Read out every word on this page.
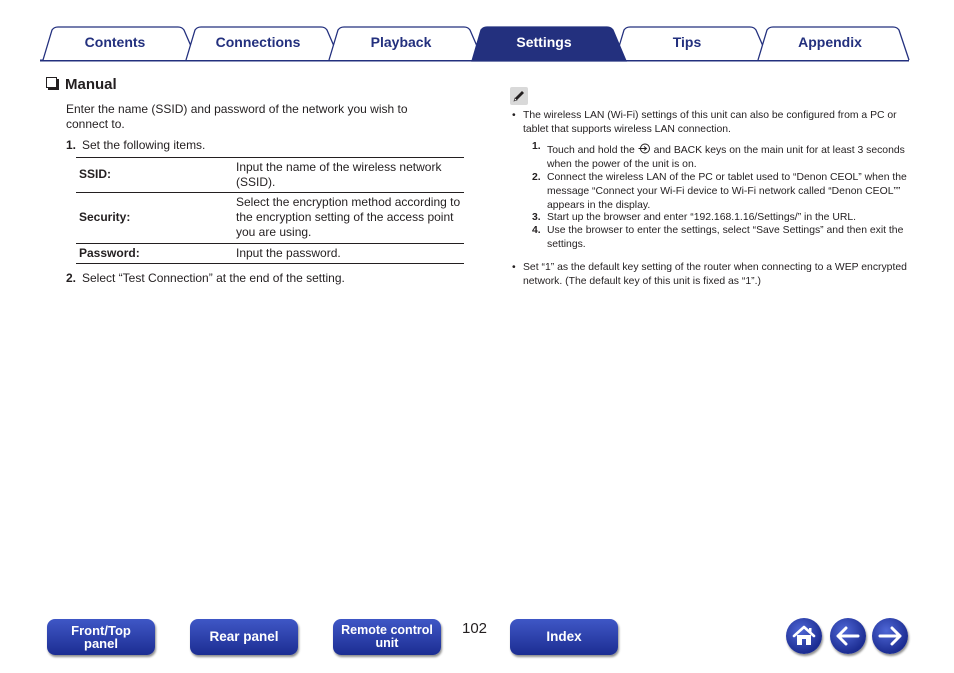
Contents	Connections	Playback	Settings	Tips	Appendix
Manual
Enter the name (SSID) and password of the network you wish to connect to.
1. Set the following items.
SSID:	Input the name of the wireless network (SSID).
Security:	Select the encryption method according to the encryption setting of the access point you are using.
Password:	Input the password.
2. Select “Test Connection” at the end of the setting.
• The wireless LAN (Wi-Fi) settings of this unit can also be configured from a PC or tablet that supports wireless LAN connection.
1. Touch and hold the and BACK keys on the main unit for at least 3 seconds when the power of the unit is on.
2. Connect the wireless LAN of the PC or tablet used to “Denon CEOL” when the message “Connect your Wi-Fi device to Wi-Fi network called “Denon CEOL”” appears in the display.
3. Start up the browser and enter “192.168.1.16/Settings/” in the URL.
4. Use the browser to enter the settings, select “Save Settings” and then exit the settings.
• Set “1” as the default key setting of the router when connecting to a WEP encrypted network. (The default key of this unit is fixed as “1”.)
Front/Top
panel	Rear panel	Remote control
unit
102	Index
